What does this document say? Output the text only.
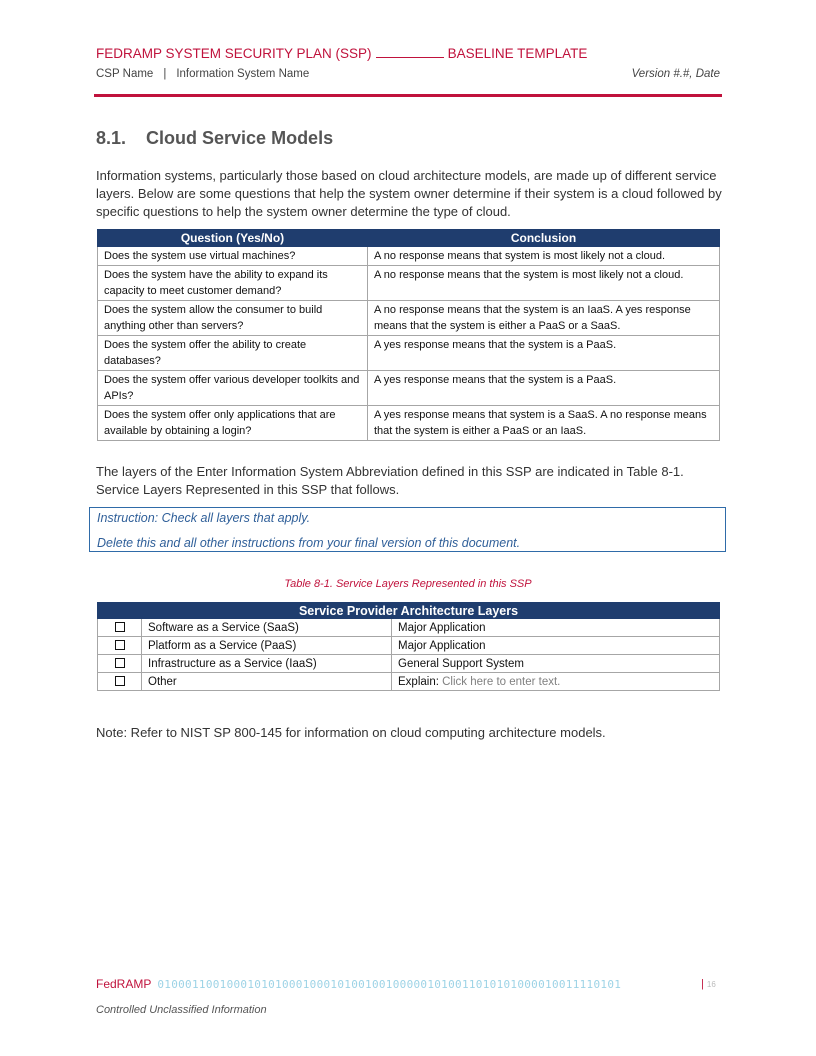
FEDRAMP SYSTEM SECURITY PLAN (SSP)	BASELINE TEMPLATE
CSP Name | Information System Name	Version #.#, Date
8.1. Cloud Service Models
Information systems, particularly those based on cloud architecture models, are made up of different service layers. Below are some questions that help the system owner determine if their system is a cloud followed by specific questions to help the system owner determine the type of cloud.
Question (Yes/No)	Conclusion
Does the system use virtual machines?	A no response means that system is most likely not a cloud.
Does the system have the ability to expand its capacity to meet customer demand?	A no response means that the system is most likely not a cloud.
Does the system allow the consumer to build anything other than servers?	A no response means that the system is an IaaS. A yes response means that the system is either a PaaS or a SaaS.
Does the system offer the ability to create databases?	A yes response means that the system is a PaaS.
Does the system offer various developer toolkits and APIs?	A yes response means that the system is a PaaS.
Does the system offer only applications that are available by obtaining a login?	A yes response means that system is a SaaS. A no response means that the system is either a PaaS or an IaaS.
The layers of the Enter Information System Abbreviation defined in this SSP are indicated in Table 8-1. Service Layers Represented in this SSP that follows.
Instruction: Check all layers that apply.
Delete this and all other instructions from your final version of this document.
Table 8-1. Service Layers Represented in this SSP
Service Provider Architecture Layers		
	Software as a Service (SaaS)	Major Application
	Platform as a Service (PaaS)	Major Application
	Infrastructure as a Service (IaaS)	General Support System
	Other	Explain: Click here to enter text.
Note: Refer to NIST SP 800-145 for information on cloud computing architecture models.
FedRAMP 0100011001000101010001000101001001000001010011010101000010011110101	| 16
Controlled Unclassified Information
